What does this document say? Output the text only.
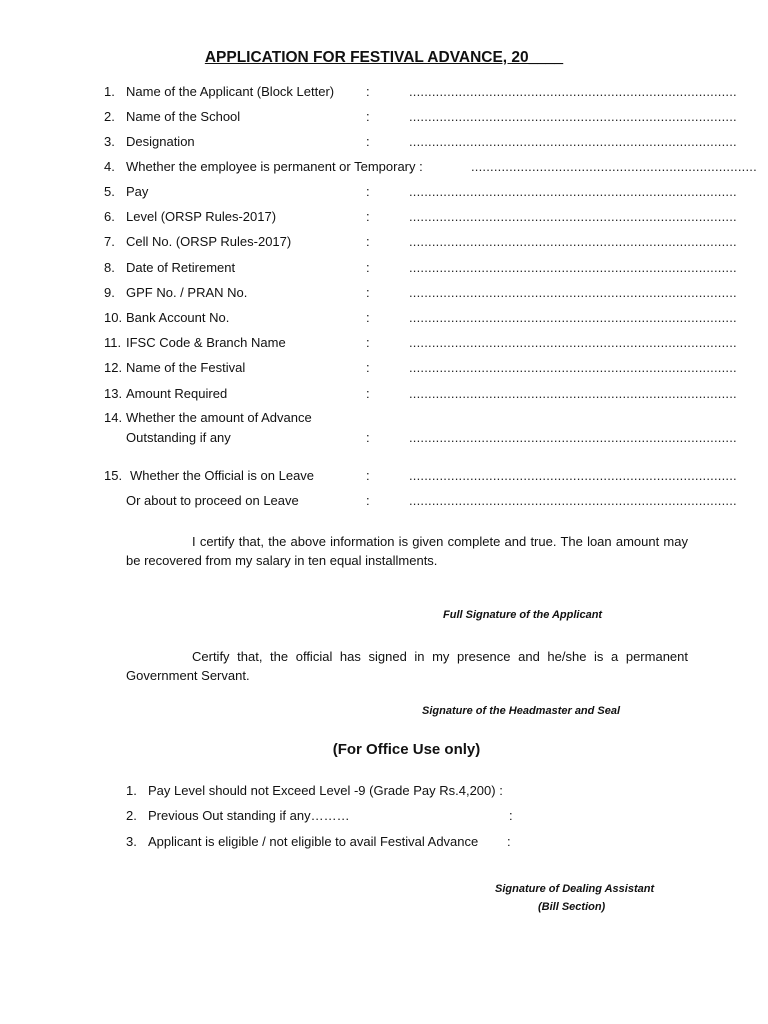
APPLICATION FOR FESTIVAL ADVANCE, 20____
1. Name of the Applicant (Block Letter) :	......................................................................................
2. Name of the School	:	......................................................................................
3. Designation	:	......................................................................................
4. Whether the employee is permanent or Temporary :	...........................................................................
5. Pay	:	......................................................................................
6. Level (ORSP Rules-2017)	:	......................................................................................
7. Cell No. (ORSP Rules-2017)	:	......................................................................................
8. Date of Retirement	:	......................................................................................
9. GPF No. / PRAN No.	:	......................................................................................
10. Bank Account No.	:	......................................................................................
11. IFSC Code & Branch Name	:	......................................................................................
12. Name of the Festival	:	......................................................................................
13. Amount Required	:	......................................................................................
14. Whether the amount of Advance
Outstanding if any	:	......................................................................................
15. Whether the Official is on Leave	:	......................................................................................
Or about to proceed on Leave	:	......................................................................................
I certify that, the above information is given complete and true. The loan amount may be recovered from my salary in ten equal installments.
Full Signature of the Applicant
Certify that, the official has signed in my presence and he/she is a permanent Government Servant.
Signature of the Headmaster and Seal
(For Office Use only)
1. Pay Level should not Exceed Level -9 (Grade Pay Rs.4,200) :
2. Previous Out standing if any………	:
3. Applicant is eligible / not eligible to avail Festival Advance :
Signature of Dealing Assistant
(Bill Section)
